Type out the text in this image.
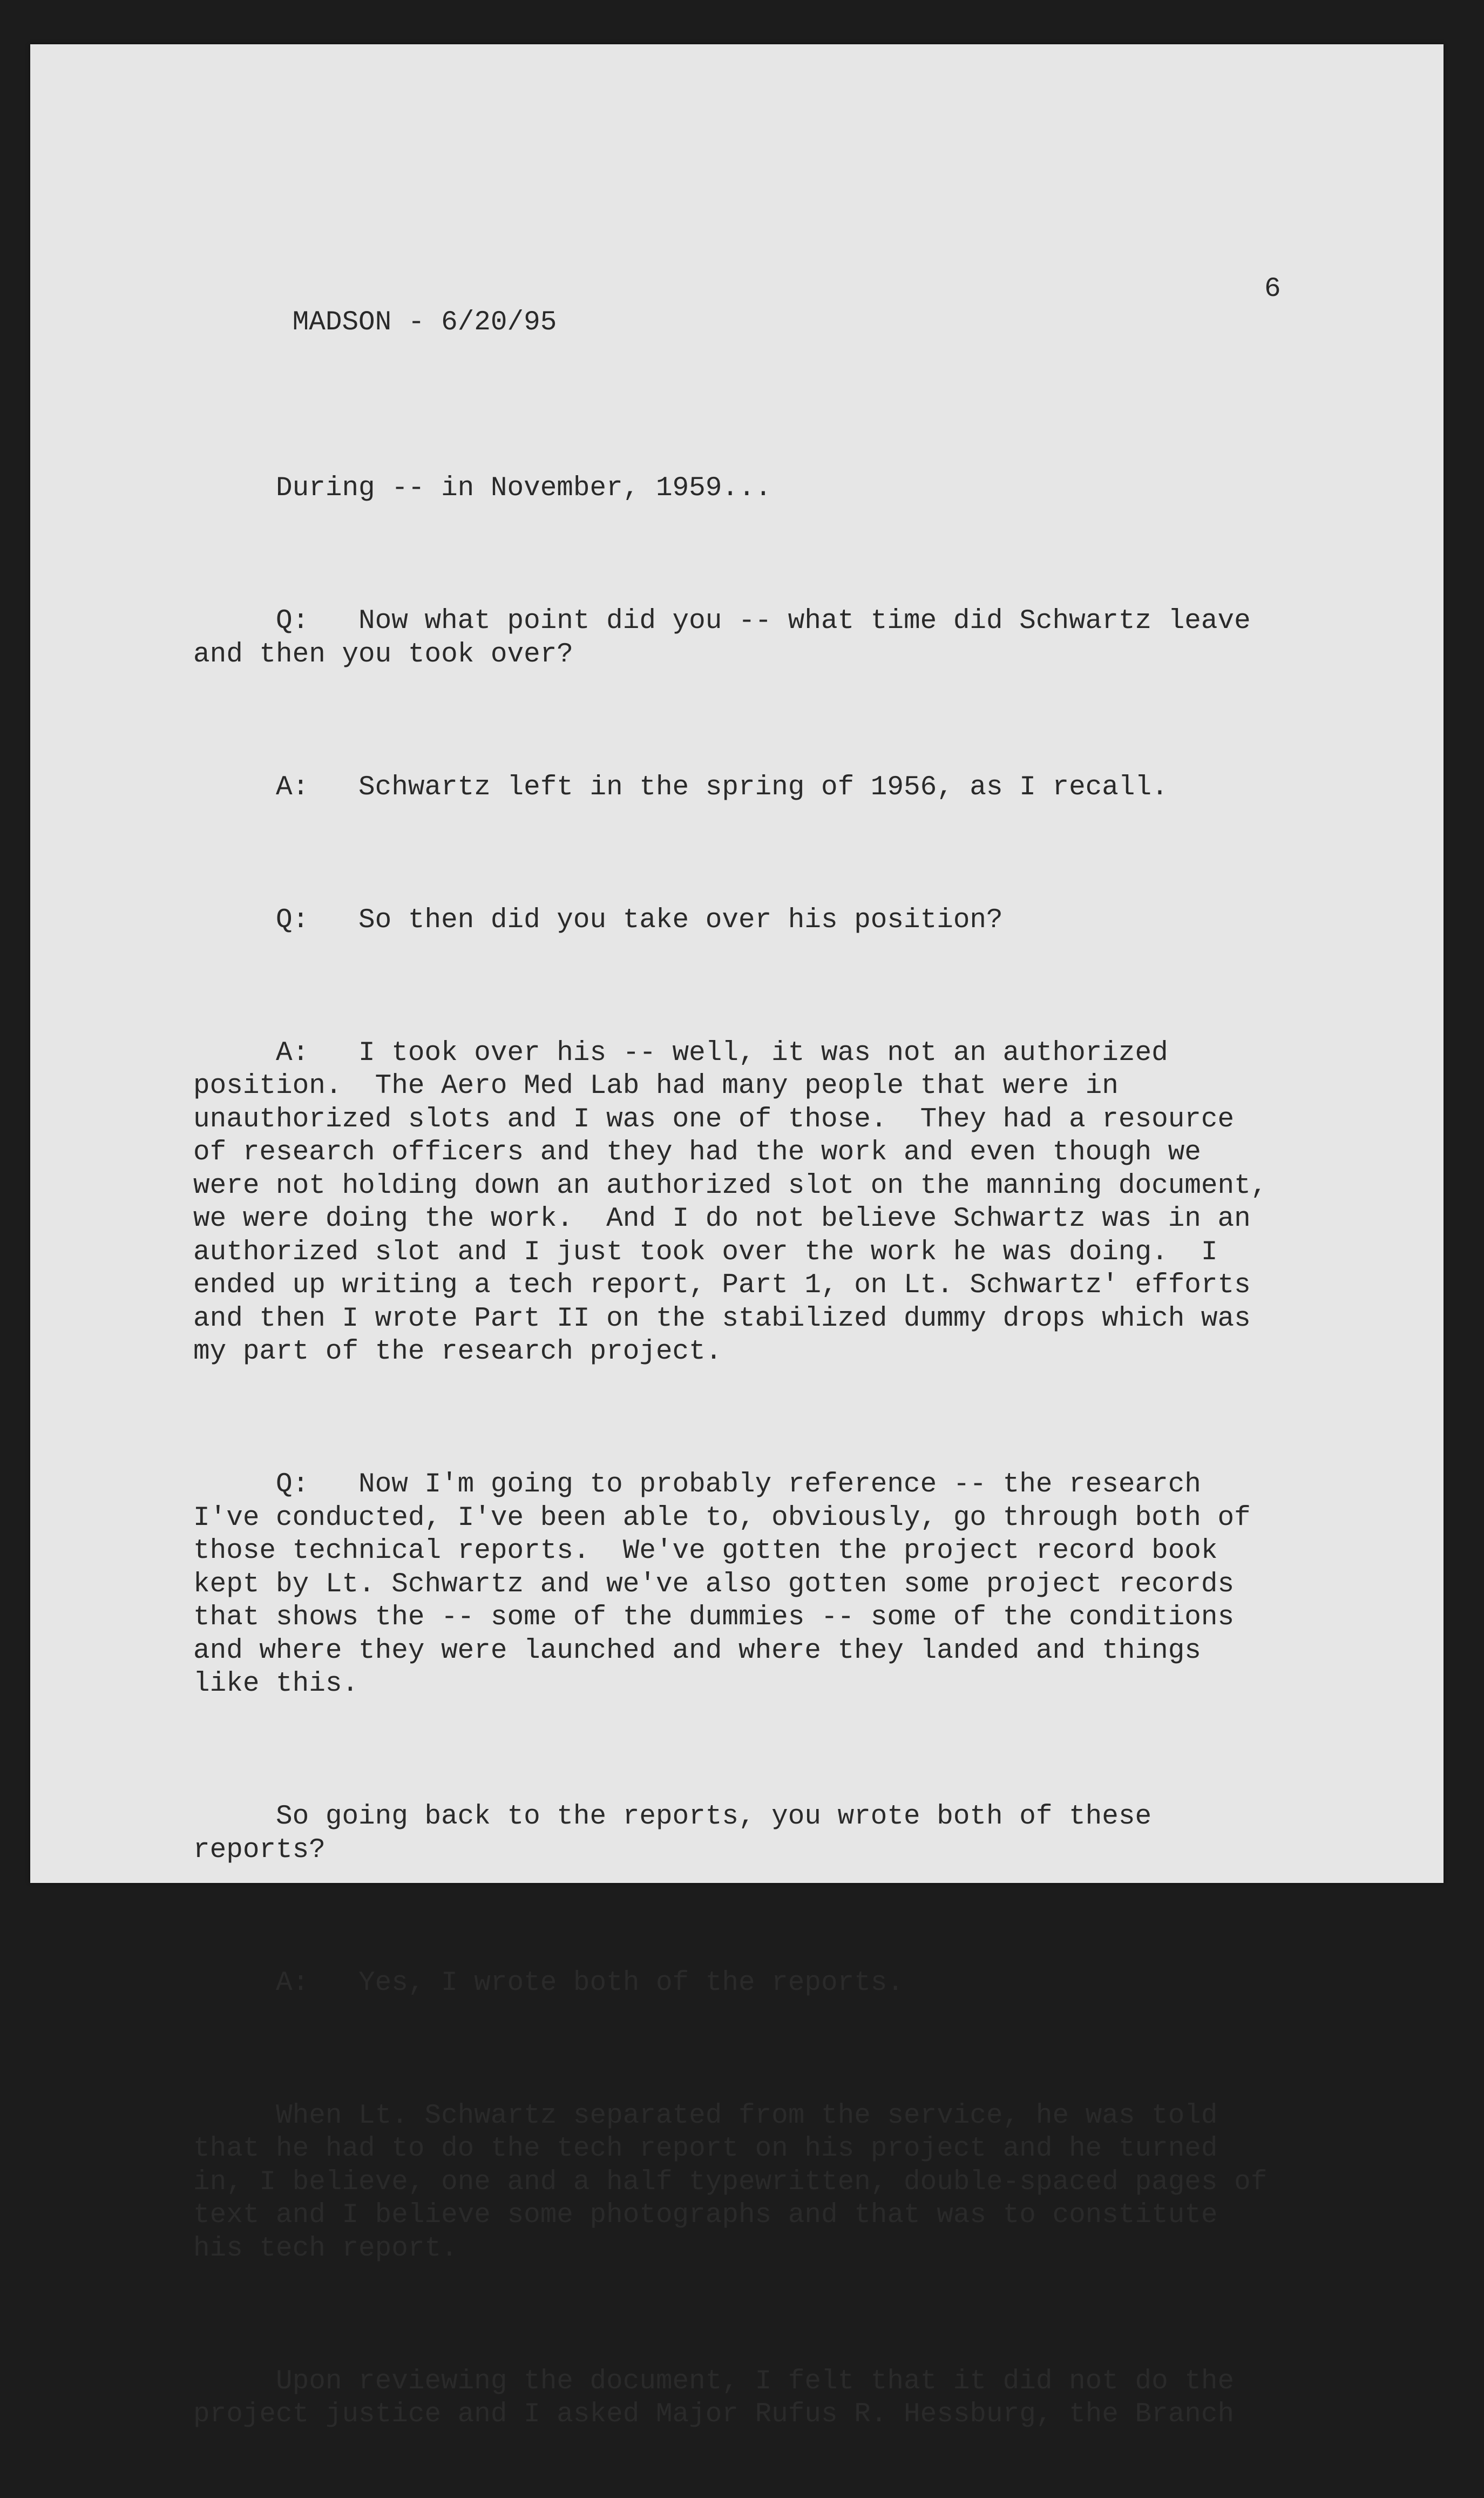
MADSON - 6/20/95

6

During -- in November, 1959...

Q:   Now what point did you -- what time did Schwartz leave
and then you took over?

A:   Schwartz left in the spring of 1956, as I recall.

Q:   So then did you take over his position?

A:   I took over his -- well, it was not an authorized
position.  The Aero Med Lab had many people that were in
unauthorized slots and I was one of those.  They had a resource
of research officers and they had the work and even though we
were not holding down an authorized slot on the manning document,
we were doing the work.  And I do not believe Schwartz was in an
authorized slot and I just took over the work he was doing.  I
ended up writing a tech report, Part 1, on Lt. Schwartz' efforts
and then I wrote Part II on the stabilized dummy drops which was
my part of the research project.

Q:   Now I'm going to probably reference -- the research
I've conducted, I've been able to, obviously, go through both of
those technical reports.  We've gotten the project record book
kept by Lt. Schwartz and we've also gotten some project records
that shows the -- some of the dummies -- some of the conditions
and where they were launched and where they landed and things
like this.

So going back to the reports, you wrote both of these
reports?

A:   Yes, I wrote both of the reports.

When Lt. Schwartz separated from the service, he was told
that he had to do the tech report on his project and he turned
in, I believe, one and a half typewritten, double-spaced pages of
text and I believe some photographs and that was to constitute
his tech report.

Upon reviewing the document, I felt that it did not do the
project justice and I asked Major Rufus R. Hessburg, the Branch
